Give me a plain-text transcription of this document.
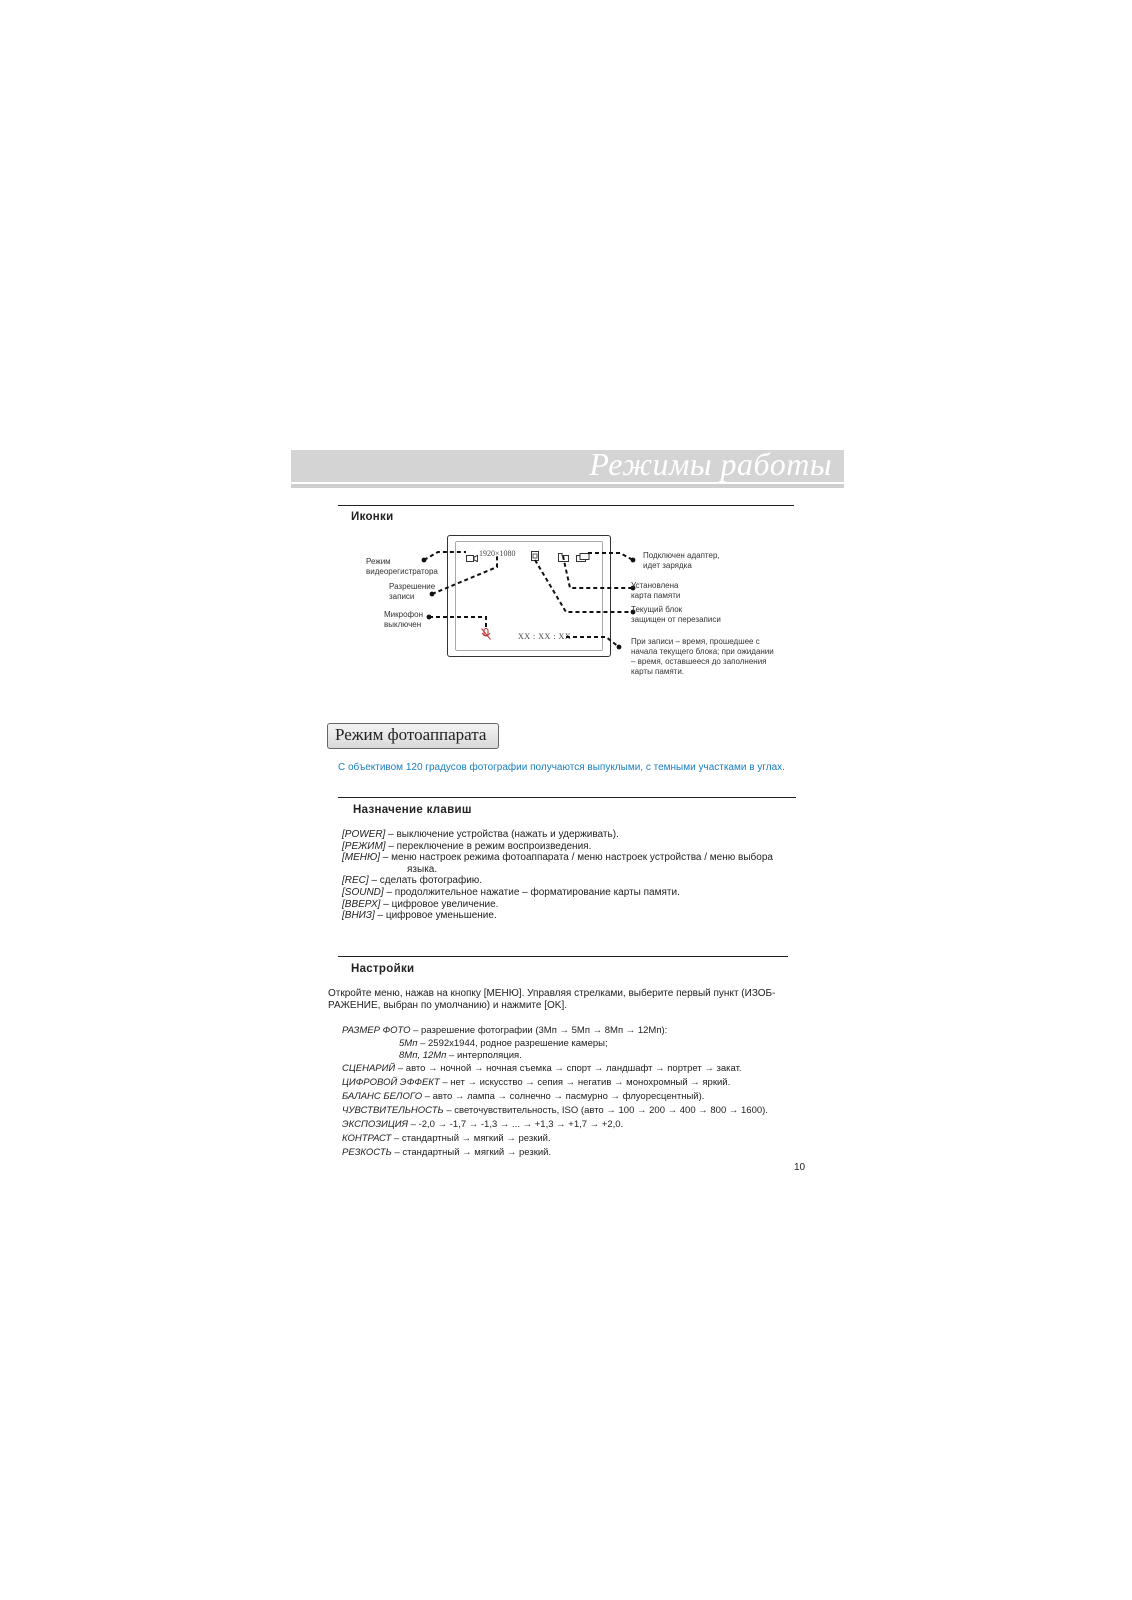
Режимы работы
Иконки
1920×1080
XX : XX : XX
Режим
видеорегистратора
Разрешение
записи
Микрофон
выключен
Подключен адаптер,
идет зарядка
Установлена
карта памяти
Текущий блок
защищен от перезаписи
При записи – время, прошедшее с
начала текущего блока; при ожидании
– время, оставшееся до заполнения
карты памяти.
Режим фотоаппарата
С объективом 120 градусов фотографии получаются выпуклыми, с темными участками в углах.
Назначение клавиш
[POWER] – выключение устройства (нажать и удерживать).
[РЕЖИМ] – переключение в режим воспроизведения.
[МЕНЮ] – меню настроек режима фотоаппарата / меню настроек устройства / меню выбора
языка.
[REC] – сделать фотографию.
[SOUND] – продолжительное нажатие – форматирование карты памяти.
[ВВЕРХ] – цифровое увеличение.
[ВНИЗ] – цифровое уменьшение.
Настройки
Откройте меню, нажав на кнопку [МЕНЮ]. Управляя стрелками, выберите первый пункт (ИЗОБ-РАЖЕНИЕ, выбран по умолчанию) и нажмите [OK].
РАЗМЕР ФОТО – разрешение фотографии (3Мп → 5Мп → 8Мп → 12Мп):
5Мп – 2592x1944, родное разрешение камеры;
8Мп, 12Мп – интерполяция.
СЦЕНАРИЙ – авто → ночной → ночная съемка → спорт → ландшафт → портрет → закат.
ЦИФРОВОЙ ЭФФЕКТ – нет → искусство → сепия → негатив → монохромный → яркий.
БАЛАНС БЕЛОГО – авто → лампа → солнечно → пасмурно → флуоресцентный).
ЧУВСТВИТЕЛЬНОСТЬ – светочувствительность, ISO (авто → 100 → 200 → 400 → 800 → 1600).
ЭКСПОЗИЦИЯ – -2,0 → -1,7 → -1,3 → ... → +1,3 → +1,7 → +2,0.
КОНТРАСТ – стандартный → мягкий → резкий.
РЕЗКОСТЬ – стандартный → мягкий → резкий.
10
